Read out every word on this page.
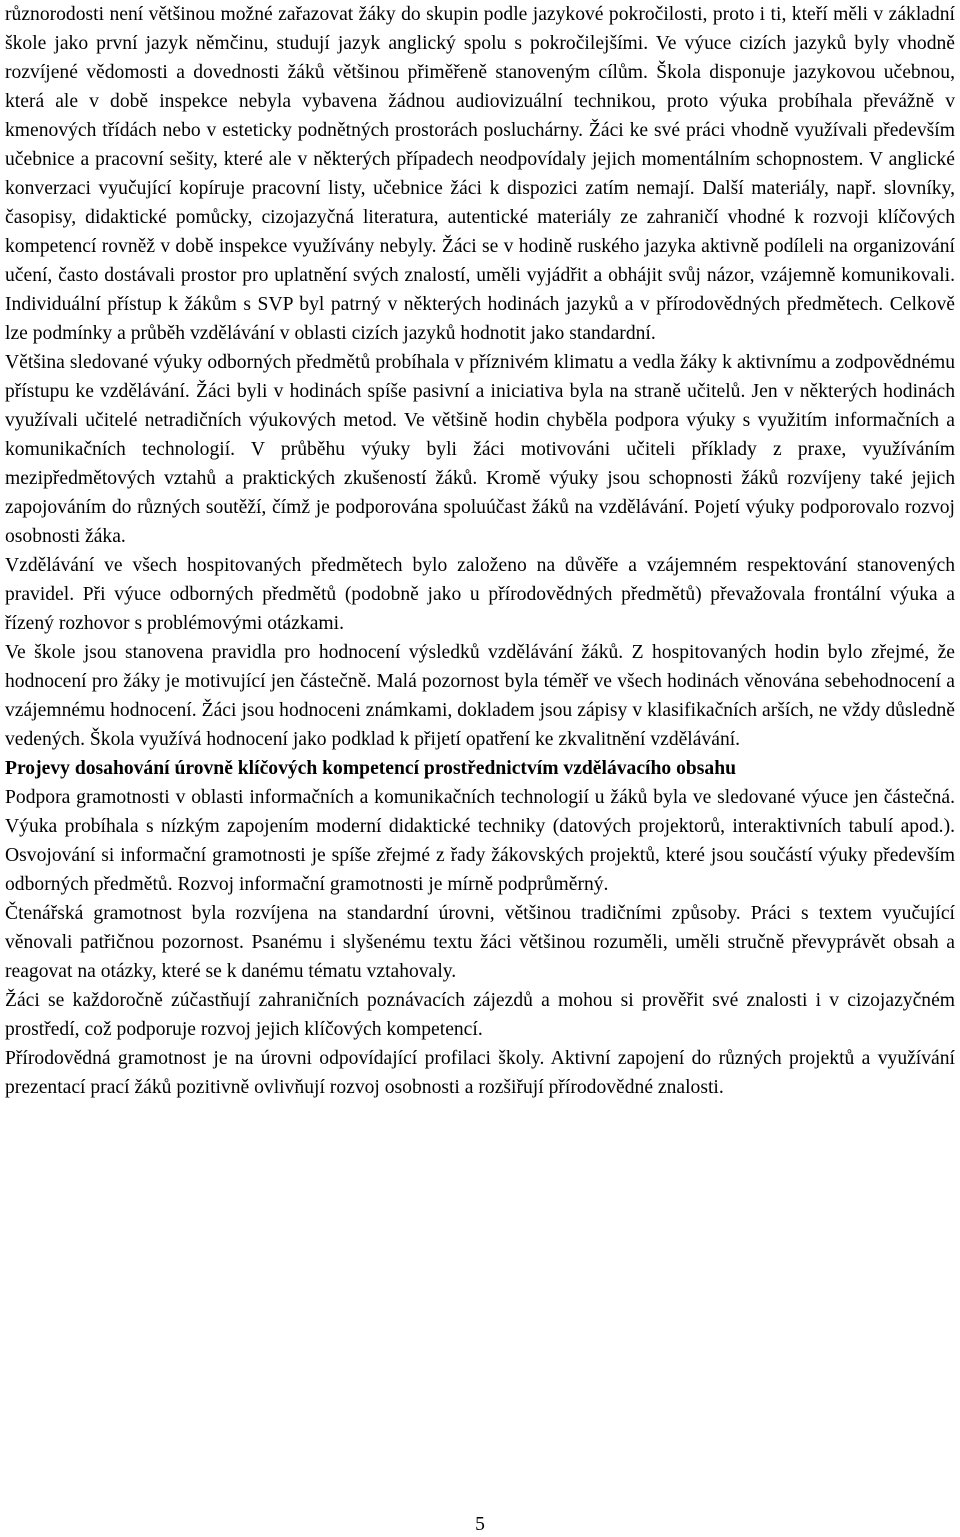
různorodosti není většinou možné zařazovat žáky do skupin podle jazykové pokročilosti, proto i ti, kteří měli v základní škole jako první jazyk němčinu, studují jazyk anglický spolu s pokročilejšími. Ve výuce cizích jazyků byly vhodně rozvíjené vědomosti a dovednosti žáků většinou přiměřeně stanoveným cílům. Škola disponuje jazykovou učebnou, která ale v době inspekce nebyla vybavena žádnou audiovizuální technikou, proto výuka probíhala převážně v kmenových třídách nebo v esteticky podnětných prostorách posluchárny. Žáci ke své práci vhodně využívali především učebnice a pracovní sešity, které ale v některých případech neodpovídaly jejich momentálním schopnostem. V anglické konverzaci vyučující kopíruje pracovní listy, učebnice žáci k dispozici zatím nemají. Další materiály, např. slovníky, časopisy, didaktické pomůcky, cizojazyčná literatura, autentické materiály ze zahraničí vhodné k rozvoji klíčových kompetencí rovněž v době inspekce využívány nebyly. Žáci se v hodině ruského jazyka aktivně podíleli na organizování učení, často dostávali prostor pro uplatnění svých znalostí, uměli vyjádřit a obhájit svůj názor, vzájemně komunikovali. Individuální přístup k žákům s SVP byl patrný v některých hodinách jazyků a v přírodovědných předmětech. Celkově lze podmínky a průběh vzdělávání v oblasti cizích jazyků hodnotit jako standardní.

Většina sledované výuky odborných předmětů probíhala v příznivém klimatu a vedla žáky k aktivnímu a zodpovědnému přístupu ke vzdělávání. Žáci byli v hodinách spíše pasivní a iniciativa byla na straně učitelů. Jen v některých hodinách využívali učitelé netradičních výukových metod. Ve většině hodin chyběla podpora výuky s využitím informačních a komunikačních technologií. V průběhu výuky byli žáci motivováni učiteli příklady z praxe, využíváním mezipředmětových vztahů a praktických zkušeností žáků. Kromě výuky jsou schopnosti žáků rozvíjeny také jejich zapojováním do různých soutěží, čímž je podporována spoluúčast žáků na vzdělávání. Pojetí výuky podporovalo rozvoj osobnosti žáka.

Vzdělávání ve všech hospitovaných předmětech bylo založeno na důvěře a vzájemném respektování stanovených pravidel. Při výuce odborných předmětů (podobně jako u přírodovědných předmětů) převažovala frontální výuka a řízený rozhovor s problémovými otázkami.

Ve škole jsou stanovena pravidla pro hodnocení výsledků vzdělávání žáků. Z hospitovaných hodin bylo zřejmé, že hodnocení pro žáky je motivující jen částečně. Malá pozornost byla téměř ve všech hodinách věnována sebehodnocení a vzájemnému hodnocení. Žáci jsou hodnoceni známkami, dokladem jsou zápisy v klasifikačních arších, ne vždy důsledně vedených. Škola využívá hodnocení jako podklad k přijetí opatření ke zkvalitnění vzdělávání.

Projevy dosahování úrovně klíčových kompetencí prostřednictvím vzdělávacího obsahu

Podpora gramotnosti v oblasti informačních a komunikačních technologií u žáků byla ve sledované výuce jen částečná. Výuka probíhala s nízkým zapojením moderní didaktické techniky (datových projektorů, interaktivních tabulí apod.). Osvojování si informační gramotnosti je spíše zřejmé z řady žákovských projektů, které jsou součástí výuky především odborných předmětů. Rozvoj informační gramotnosti je mírně podprůměrný.

Čtenářská gramotnost byla rozvíjena na standardní úrovni, většinou tradičními způsoby. Práci s textem vyučující věnovali patřičnou pozornost. Psanému i slyšenému textu žáci většinou rozuměli, uměli stručně převyprávět obsah a reagovat na otázky, které se k danému tématu vztahovaly.

Žáci se každoročně zúčastňují zahraničních poznávacích zájezdů a mohou si prověřit své znalosti i v cizojazyčném prostředí, což podporuje rozvoj jejich klíčových kompetencí.

Přírodovědná gramotnost je na úrovni odpovídající profilaci školy. Aktivní zapojení do různých projektů a využívání prezentací prací žáků pozitivně ovlivňují rozvoj osobnosti a rozšiřují přírodovědné znalosti.

5
